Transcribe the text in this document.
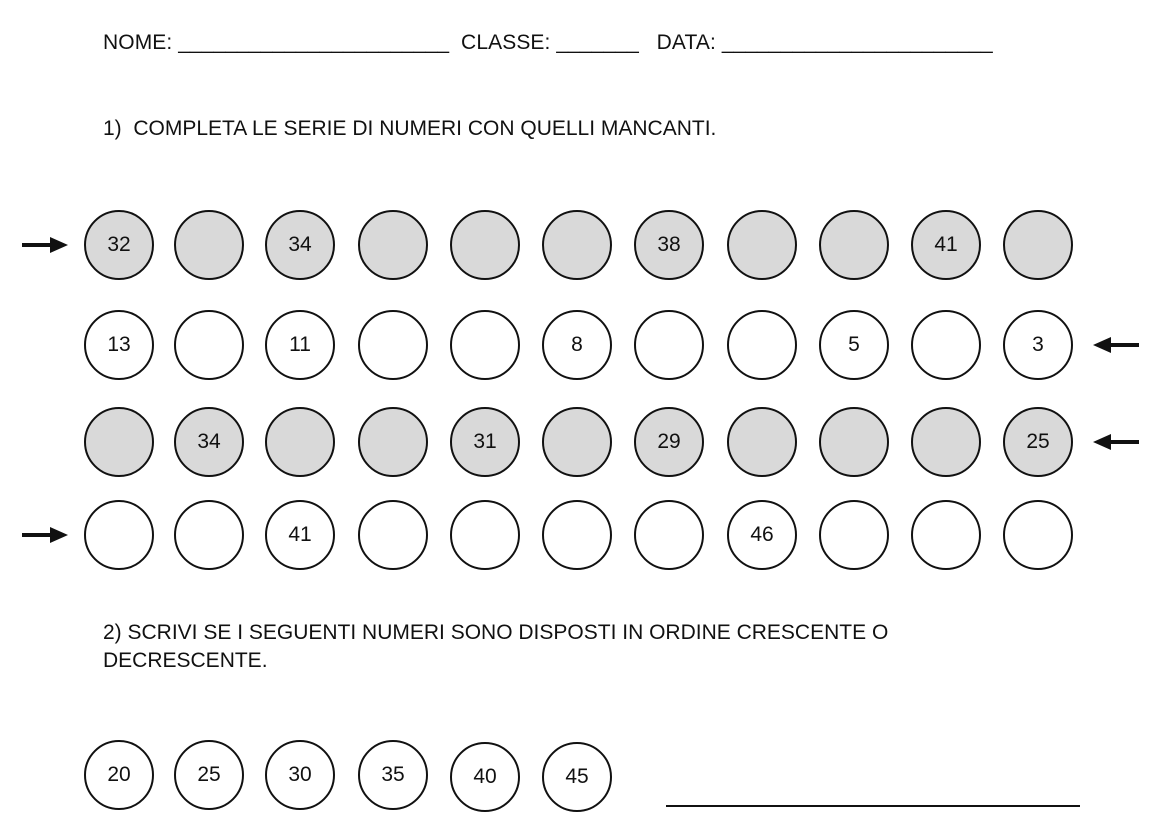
NOME: _______________________  CLASSE: _______   DATA: _______________________
1)  COMPLETA LE SERIE DI NUMERI CON QUELLI MANCANTI.
32	34	38	41
13	11	8	5	3
34	31	29	25
41	46
2) SCRIVI SE I SEGUENTI NUMERI SONO DISPOSTI IN ORDINE CRESCENTE O DECRESCENTE.
20	25	30	35	40	45
